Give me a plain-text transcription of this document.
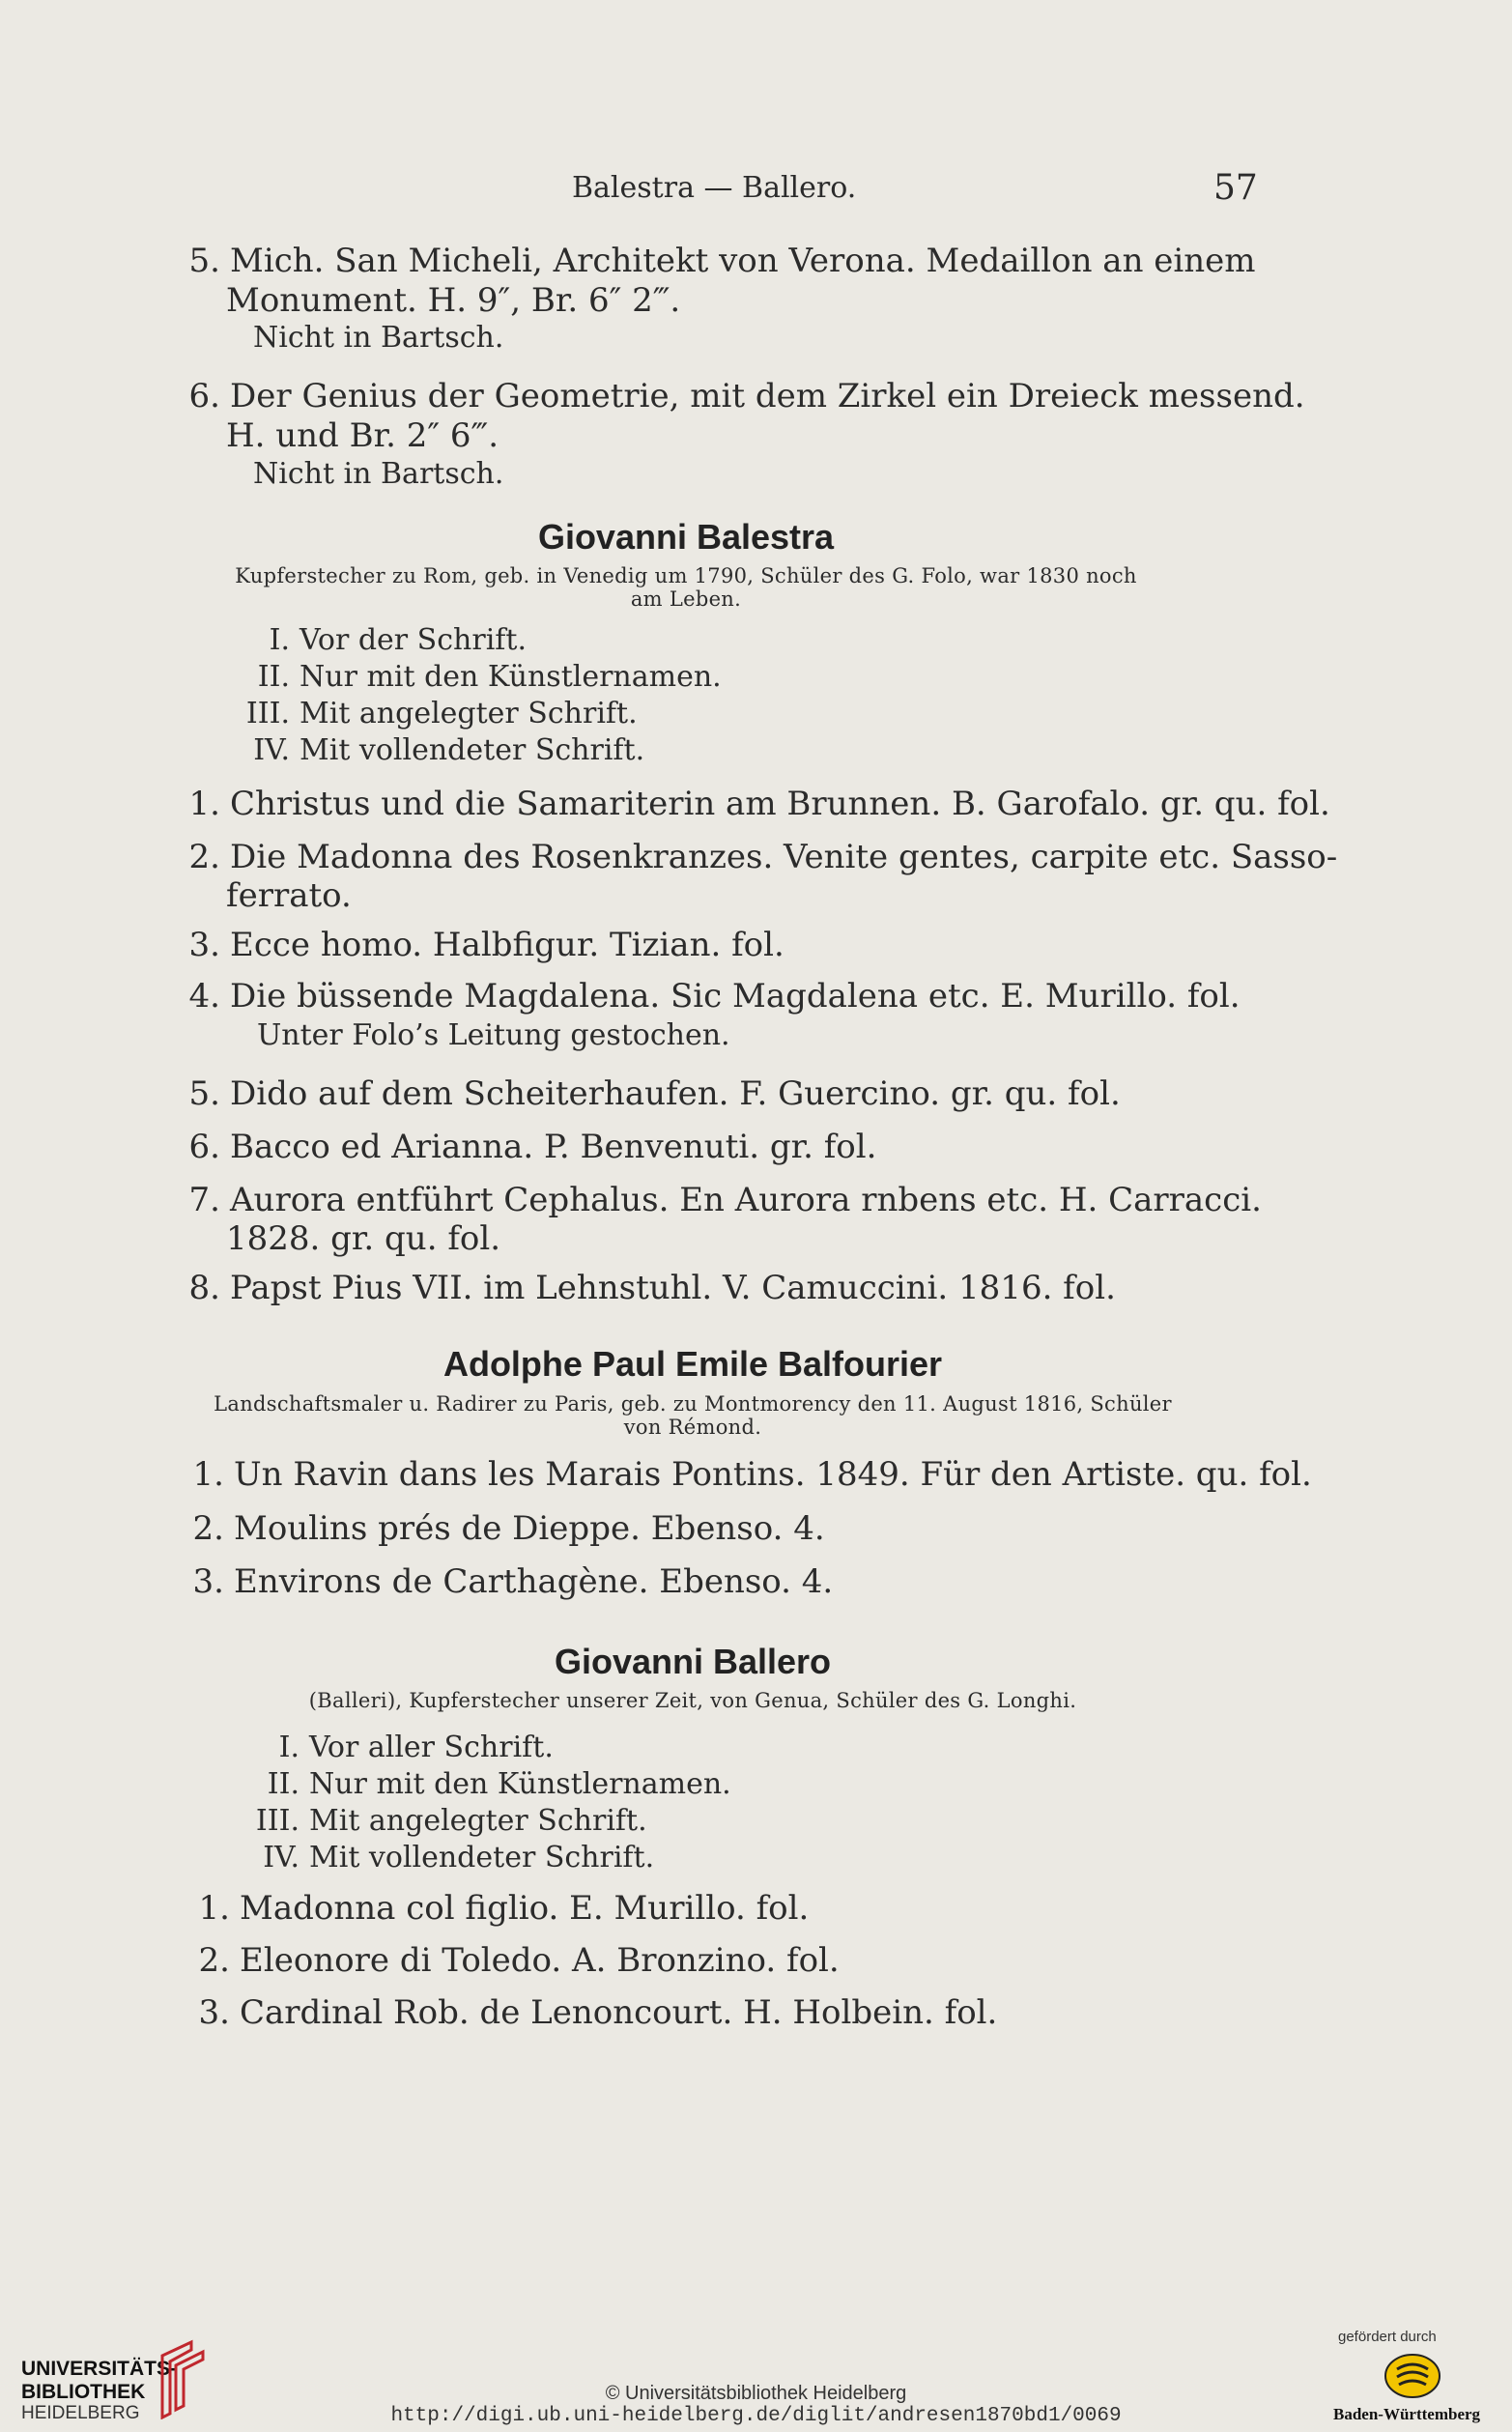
Balestra — Ballero.	57
5. Mich. San Micheli, Architekt von Verona. Medaillon an einem
Monument. H. 9″, Br. 6″ 2‴.
Nicht in Bartsch.
6. Der Genius der Geometrie, mit dem Zirkel ein Dreieck messend.
H. und Br. 2″ 6‴.
Nicht in Bartsch.
Giovanni Balestra
Kupferstecher zu Rom, geb. in Venedig um 1790, Schüler des G. Folo, war 1830 noch
am Leben.
I. Vor der Schrift.
II. Nur mit den Künstlernamen.
III. Mit angelegter Schrift.
IV. Mit vollendeter Schrift.
1. Christus und die Samariterin am Brunnen. B. Garofalo. gr. qu. fol.
2. Die Madonna des Rosenkranzes. Venite gentes, carpite etc. Sasso-
ferrato.
3. Ecce homo. Halbfigur. Tizian. fol.
4. Die büssende Magdalena. Sic Magdalena etc. E. Murillo. fol.
Unter Folo’s Leitung gestochen.
5. Dido auf dem Scheiterhaufen. F. Guercino. gr. qu. fol.
6. Bacco ed Arianna. P. Benvenuti. gr. fol.
7. Aurora entführt Cephalus. En Aurora rnbens etc. H. Carracci.
1828. gr. qu. fol.
8. Papst Pius VII. im Lehnstuhl. V. Camuccini. 1816. fol.
Adolphe Paul Emile Balfourier
Landschaftsmaler u. Radirer zu Paris, geb. zu Montmorency den 11. August 1816, Schüler
von Rémond.
1. Un Ravin dans les Marais Pontins. 1849. Für den Artiste. qu. fol.
2. Moulins prés de Dieppe. Ebenso. 4.
3. Environs de Carthagène. Ebenso. 4.
Giovanni Ballero
(Balleri), Kupferstecher unserer Zeit, von Genua, Schüler des G. Longhi.
I. Vor aller Schrift.
II. Nur mit den Künstlernamen.
III. Mit angelegter Schrift.
IV. Mit vollendeter Schrift.
1. Madonna col figlio. E. Murillo. fol.
2. Eleonore di Toledo. A. Bronzino. fol.
3. Cardinal Rob. de Lenoncourt. H. Holbein. fol.
UNIVERSITÄTS-
BIBLIOTHEK
HEIDELBERG
© Universitätsbibliothek Heidelberg
http://digi.ub.uni-heidelberg.de/diglit/andresen1870bd1/0069
gefördert durch
Baden-Württemberg
